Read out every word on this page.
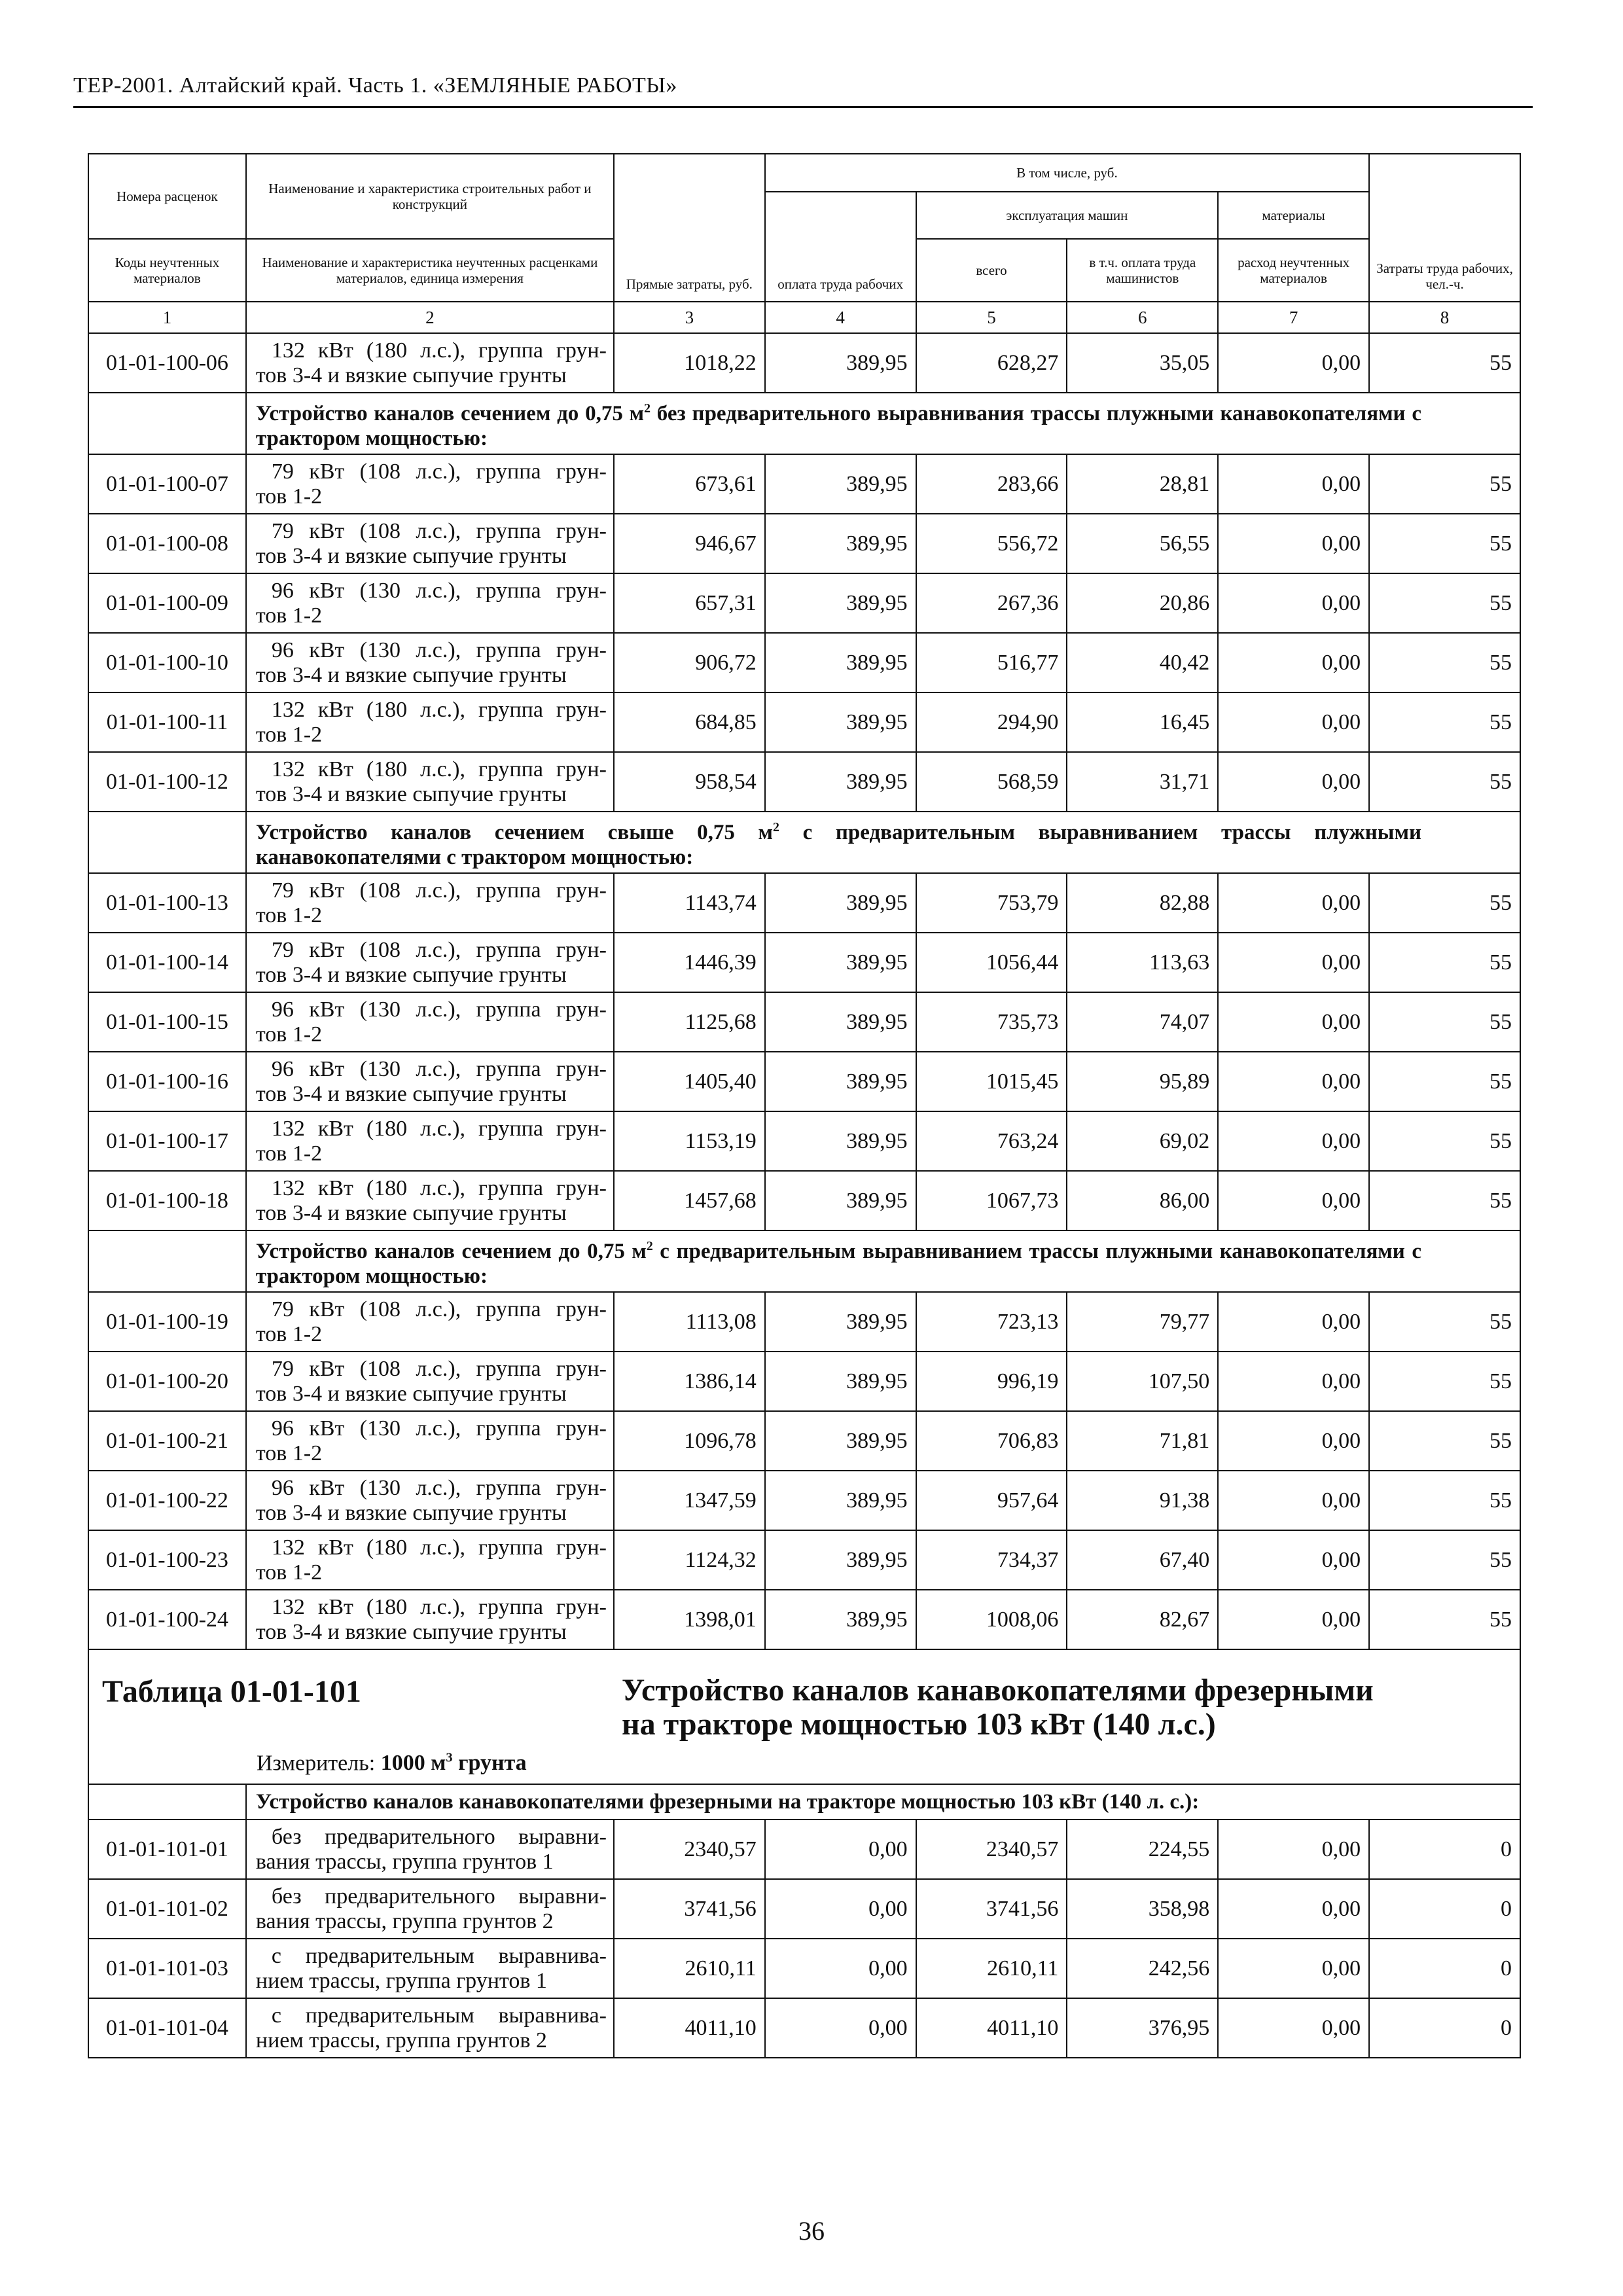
ТЕР-2001. Алтайский край. Часть 1. «ЗЕМЛЯНЫЕ РАБОТЫ»
Номера расценок	Наименование и характеристика строительных работ и конструкций	Прямые затраты, руб.	В том числе, руб.				Затраты труда рабочих, чел.-ч.
			оплата труда рабочих	эксплуатация машин		материалы	
Коды неучтенных материалов	Наименование и характеристика неучтенных расценками материалов, единица измерения			всего	в т.ч. оплата труда машинистов	расход неучтенных материалов	
1	2	3	4	5	6	7	8
01-01-100-06	132 кВт (180 л.с.), группа грун-
тов 3-4 и вязкие сыпучие грунты	1018,22	389,95	628,27	35,05	0,00	55
	Устройство каналов сечением до 0,75 $м^2$ без предварительного выравнивания трассы плужными канавокопателями с трактором мощностью:						
01-01-100-07	79 кВт (108 л.с.), группа грун-
тов 1-2	673,61	389,95	283,66	28,81	0,00	55
01-01-100-08	79 кВт (108 л.с.), группа грун-
тов 3-4 и вязкие сыпучие грунты	946,67	389,95	556,72	56,55	0,00	55
01-01-100-09	96 кВт (130 л.с.), группа грун-
тов 1-2	657,31	389,95	267,36	20,86	0,00	55
01-01-100-10	96 кВт (130 л.с.), группа грун-
тов 3-4 и вязкие сыпучие грунты	906,72	389,95	516,77	40,42	0,00	55
01-01-100-11	132 кВт (180 л.с.), группа грун-
тов 1-2	684,85	389,95	294,90	16,45	0,00	55
01-01-100-12	132 кВт (180 л.с.), группа грун-
тов 3-4 и вязкие сыпучие грунты	958,54	389,95	568,59	31,71	0,00	55
	Устройство каналов сечением свыше 0,75 $м^2$ с предварительным выравниванием трассы плужными канавокопателями с трактором мощностью:						
01-01-100-13	79 кВт (108 л.с.), группа грун-
тов 1-2	1143,74	389,95	753,79	82,88	0,00	55
01-01-100-14	79 кВт (108 л.с.), группа грун-
тов 3-4 и вязкие сыпучие грунты	1446,39	389,95	1056,44	113,63	0,00	55
01-01-100-15	96 кВт (130 л.с.), группа грун-
тов 1-2	1125,68	389,95	735,73	74,07	0,00	55
01-01-100-16	96 кВт (130 л.с.), группа грун-
тов 3-4 и вязкие сыпучие грунты	1405,40	389,95	1015,45	95,89	0,00	55
01-01-100-17	132 кВт (180 л.с.), группа грун-
тов 1-2	1153,19	389,95	763,24	69,02	0,00	55
01-01-100-18	132 кВт (180 л.с.), группа грун-
тов 3-4 и вязкие сыпучие грунты	1457,68	389,95	1067,73	86,00	0,00	55
	Устройство каналов сечением до 0,75 $м^2$ с предварительным выравниванием трассы плужными канавокопателями с трактором мощностью:						
01-01-100-19	79 кВт (108 л.с.), группа грун-
тов 1-2	1113,08	389,95	723,13	79,77	0,00	55
01-01-100-20	79 кВт (108 л.с.), группа грун-
тов 3-4 и вязкие сыпучие грунты	1386,14	389,95	996,19	107,50	0,00	55
01-01-100-21	96 кВт (130 л.с.), группа грун-
тов 1-2	1096,78	389,95	706,83	71,81	0,00	55
01-01-100-22	96 кВт (130 л.с.), группа грун-
тов 3-4 и вязкие сыпучие грунты	1347,59	389,95	957,64	91,38	0,00	55
01-01-100-23	132 кВт (180 л.с.), группа грун-
тов 1-2	1124,32	389,95	734,37	67,40	0,00	55
01-01-100-24	132 кВт (180 л.с.), группа грун-
тов 3-4 и вязкие сыпучие грунты	1398,01	389,95	1008,06	82,67	0,00	55

Таблица 01-01-101 Устройство каналов канавокопателями фрезерными
на тракторе мощностью 103 кВт (140 л.с.)
Измеритель: 1000 $м^3$ грунта							

	Устройство каналов канавокопателями фрезерными на тракторе мощностью 103 кВт (140 л. с.):						
01-01-101-01	без предварительного выравни-
вания трассы, группа грунтов 1	2340,57	0,00	2340,57	224,55	0,00	0
01-01-101-02	без предварительного выравни-
вания трассы, группа грунтов 2	3741,56	0,00	3741,56	358,98	0,00	0
01-01-101-03	с предварительным выравнива-
нием трассы, группа грунтов 1	2610,11	0,00	2610,11	242,56	0,00	0
01-01-101-04	с предварительным выравнива-
нием трассы, группа грунтов 2	4011,10	0,00	4011,10	376,95	0,00	0
36
